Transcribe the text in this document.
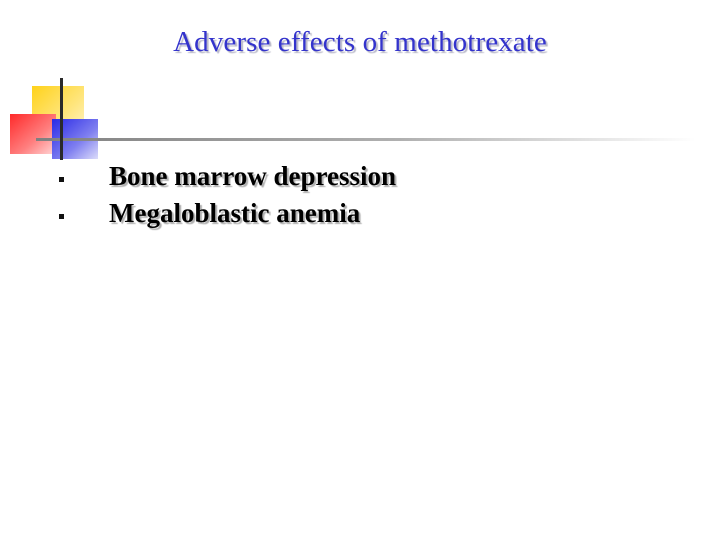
Adverse effects of methotrexate
Bone marrow depression
Megaloblastic anemia
